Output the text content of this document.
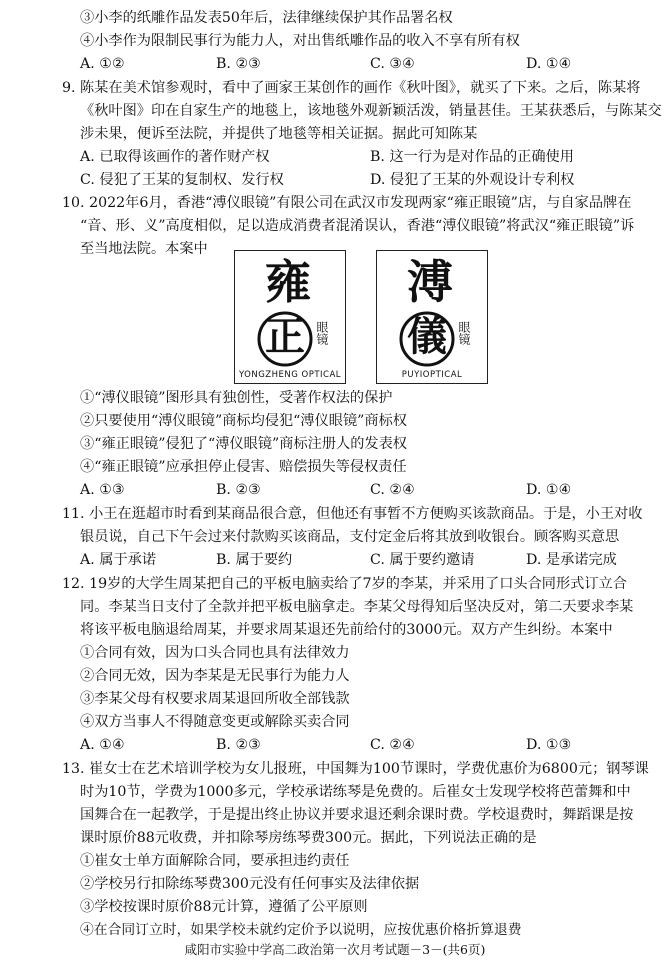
③小李的纸雕作品发表50年后，法律继续保护其作品署名权
④小李作为限制民事行为能力人，对出售纸雕作品的收入不享有所有权
A. ①②	B. ②③	C. ③④	D. ①④
9. 陈某在美术馆参观时，看中了画家王某创作的画作《秋叶图》，就买了下来。之后，陈某将
《秋叶图》印在自家生产的地毯上，该地毯外观新颖活泼，销量甚佳。王某获悉后，与陈某交
涉未果，便诉至法院，并提供了地毯等相关证据。据此可知陈某
A. 已取得该画作的著作财产权	B. 这一行为是对作品的正确使用
C. 侵犯了王某的复制权、发行权	D. 侵犯了王某的外观设计专利权
10. 2022年6月，香港“溥仪眼镜”有限公司在武汉市发现两家“雍正眼镜”店，与自家品牌在
“音、形、义”高度相似，足以造成消费者混淆误认，香港“溥仪眼镜”将武汉“雍正眼镜”诉
至当地法院。本案中
雍
正 眼镜
YONGZHENG OPTICAL
溥
儀 眼镜
PUYIOPTICAL
①“溥仪眼镜”图形具有独创性，受著作权法的保护
②只要使用“溥仪眼镜”商标均侵犯“溥仪眼镜”商标权
③“雍正眼镜”侵犯了“溥仪眼镜”商标注册人的发表权
④“雍正眼镜”应承担停止侵害、赔偿损失等侵权责任
A. ①③	B. ②③	C. ②④	D. ①④
11. 小王在逛超市时看到某商品很合意，但他还有事暂不方便购买该款商品。于是，小王对收
银员说，自己下午会过来付款购买该商品，支付定金后将其放到收银台。顾客购买意思
A. 属于承诺	B. 属于要约	C. 属于要约邀请	D. 是承诺完成
12. 19岁的大学生周某把自己的平板电脑卖给了7岁的李某，并采用了口头合同形式订立合
同。李某当日支付了全款并把平板电脑拿走。李某父母得知后坚决反对，第二天要求李某
将该平板电脑退给周某，并要求周某退还先前给付的3000元。双方产生纠纷。本案中
①合同有效，因为口头合同也具有法律效力
②合同无效，因为李某是无民事行为能力人
③李某父母有权要求周某退回所收全部钱款
④双方当事人不得随意变更或解除买卖合同
A. ①④	B. ②③	C. ②④	D. ①③
13. 崔女士在艺术培训学校为女儿报班，中国舞为100节课时，学费优惠价为6800元；钢琴课
时为10节，学费为1000多元，学校承诺练琴是免费的。后崔女士发现学校将芭蕾舞和中
国舞合在一起教学，于是提出终止协议并要求退还剩余课时费。学校退费时，舞蹈课是按
课时原价88元收费，并扣除琴房练琴费300元。据此，下列说法正确的是
①崔女士单方面解除合同，要承担违约责任
②学校另行扣除练琴费300元没有任何事实及法律依据
③学校按课时原价88元计算，遵循了公平原则
④在合同订立时，如果学校未就约定价予以说明，应按优惠价格折算退费
咸阳市实验中学高二政治第一次月考试题－3－(共6页)
